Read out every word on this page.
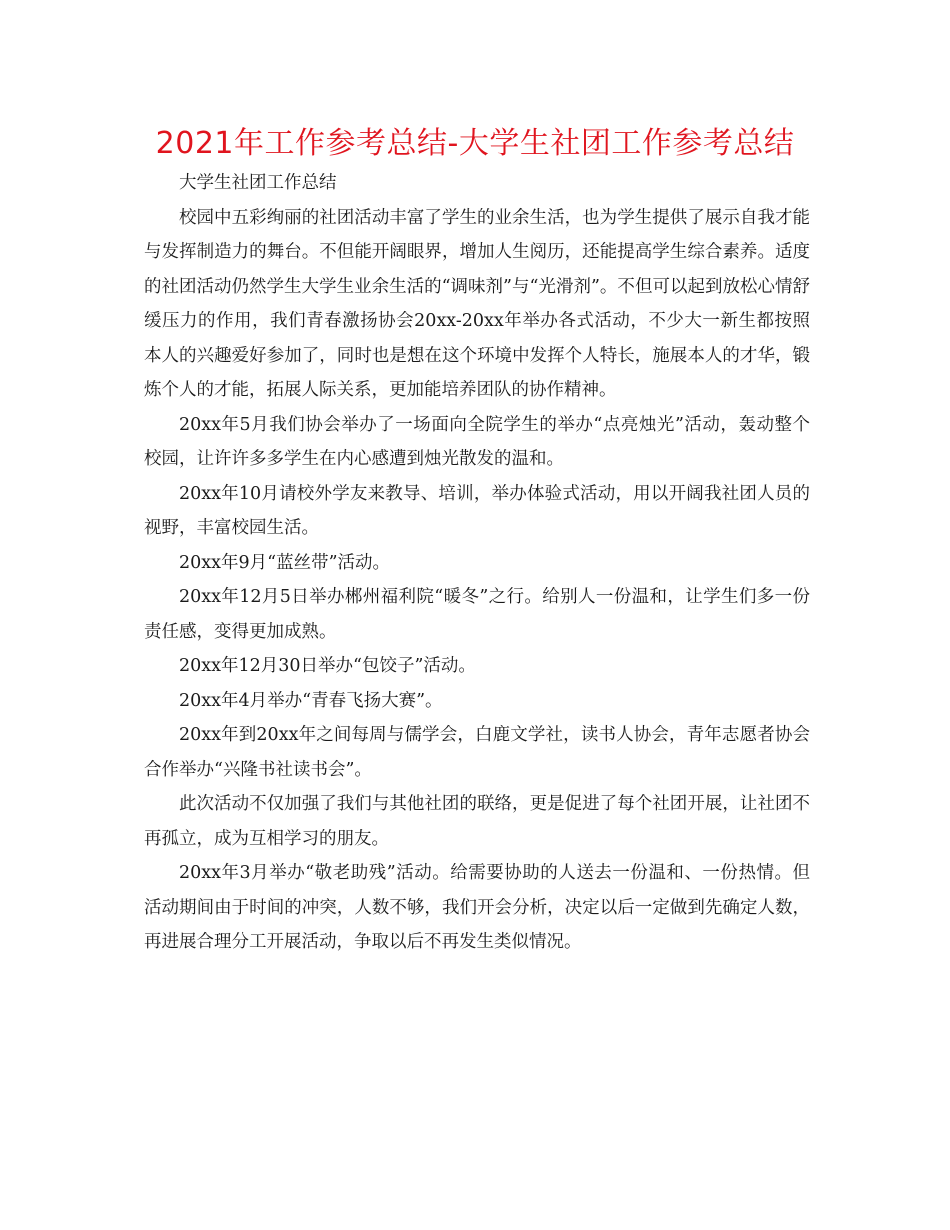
2021年工作参考总结-大学生社团工作参考总结

大学生社团工作总结

校园中五彩绚丽的社团活动丰富了学生的业余生活，也为学生提供了展示自我才能与发挥制造力的舞台。不但能开阔眼界，增加人生阅历，还能提高学生综合素养。适度的社团活动仍然学生大学生业余生活的“调味剂”与“光滑剂”。不但可以起到放松心情舒缓压力的作用，我们青春激扬协会20xx-20xx年举办各式活动，不少大一新生都按照本人的兴趣爱好参加了，同时也是想在这个环境中发挥个人特长，施展本人的才华，锻炼个人的才能，拓展人际关系，更加能培养团队的协作精神。

20xx年5月我们协会举办了一场面向全院学生的举办“点亮烛光”活动，轰动整个校园，让许许多多学生在内心感遭到烛光散发的温和。

20xx年10月请校外学友来教导、培训，举办体验式活动，用以开阔我社团人员的视野，丰富校园生活。

20xx年9月“蓝丝带”活动。

20xx年12月5日举办郴州福利院“暖冬”之行。给别人一份温和，让学生们多一份责任感，变得更加成熟。

20xx年12月30日举办“包饺子”活动。

20xx年4月举办“青春飞扬大赛”。

20xx年到20xx年之间每周与儒学会，白鹿文学社，读书人协会，青年志愿者协会合作举办“兴隆书社读书会”。

此次活动不仅加强了我们与其他社团的联络，更是促进了每个社团开展，让社团不再孤立，成为互相学习的朋友。

20xx年3月举办“敬老助残”活动。给需要协助的人送去一份温和、一份热情。但活动期间由于时间的冲突，人数不够，我们开会分析，决定以后一定做到先确定人数，再进展合理分工开展活动，争取以后不再发生类似情况。
